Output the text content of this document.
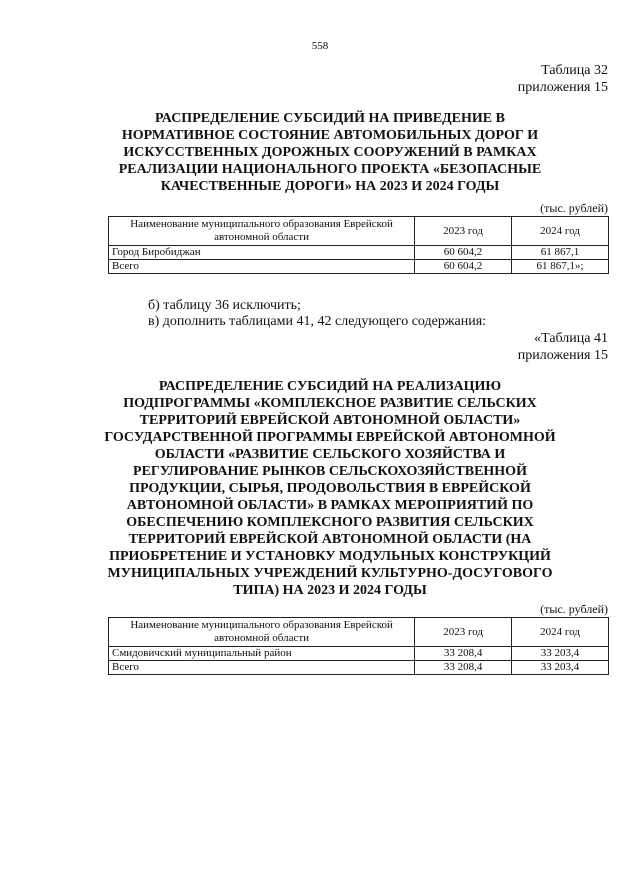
558
Таблица 32
приложения 15
РАСПРЕДЕЛЕНИЕ СУБСИДИЙ НА ПРИВЕДЕНИЕ В НОРМАТИВНОЕ СОСТОЯНИЕ АВТОМОБИЛЬНЫХ ДОРОГ И ИСКУССТВЕННЫХ ДОРОЖНЫХ СООРУЖЕНИЙ В РАМКАХ РЕАЛИЗАЦИИ НАЦИОНАЛЬНОГО ПРОЕКТА «БЕЗОПАСНЫЕ КАЧЕСТВЕННЫЕ ДОРОГИ» НА 2023 И 2024 ГОДЫ
(тыс. рублей)
Наименование муниципального образования Еврейской автономной области	2023 год	2024 год
Город Биробиджан	60 604,2	61 867,1
Всего	60 604,2	61 867,1»;
б) таблицу 36 исключить;
в) дополнить таблицами 41, 42 следующего содержания:
«Таблица 41
приложения 15
РАСПРЕДЕЛЕНИЕ СУБСИДИЙ НА РЕАЛИЗАЦИЮ ПОДПРОГРАММЫ «КОМПЛЕКСНОЕ РАЗВИТИЕ СЕЛЬСКИХ ТЕРРИТОРИЙ ЕВРЕЙСКОЙ АВТОНОМНОЙ ОБЛАСТИ» ГОСУДАРСТВЕННОЙ ПРОГРАММЫ ЕВРЕЙСКОЙ АВТОНОМНОЙ ОБЛАСТИ «РАЗВИТИЕ СЕЛЬСКОГО ХОЗЯЙСТВА И РЕГУЛИРОВАНИЕ РЫНКОВ СЕЛЬСКОХОЗЯЙСТВЕННОЙ ПРОДУКЦИИ, СЫРЬЯ, ПРОДОВОЛЬСТВИЯ В ЕВРЕЙСКОЙ АВТОНОМНОЙ ОБЛАСТИ» В РАМКАХ МЕРОПРИЯТИЙ ПО ОБЕСПЕЧЕНИЮ КОМПЛЕКСНОГО РАЗВИТИЯ СЕЛЬСКИХ ТЕРРИТОРИЙ ЕВРЕЙСКОЙ АВТОНОМНОЙ ОБЛАСТИ (НА ПРИОБРЕТЕНИЕ И УСТАНОВКУ МОДУЛЬНЫХ КОНСТРУКЦИЙ МУНИЦИПАЛЬНЫХ УЧРЕЖДЕНИЙ КУЛЬТУРНО-ДОСУГОВОГО ТИПА) НА 2023 И 2024 ГОДЫ
(тыс. рублей)
Наименование муниципального образования Еврейской автономной области	2023 год	2024 год
Смидовичский муниципальный район	33 208,4	33 203,4
Всего	33 208,4	33 203,4
